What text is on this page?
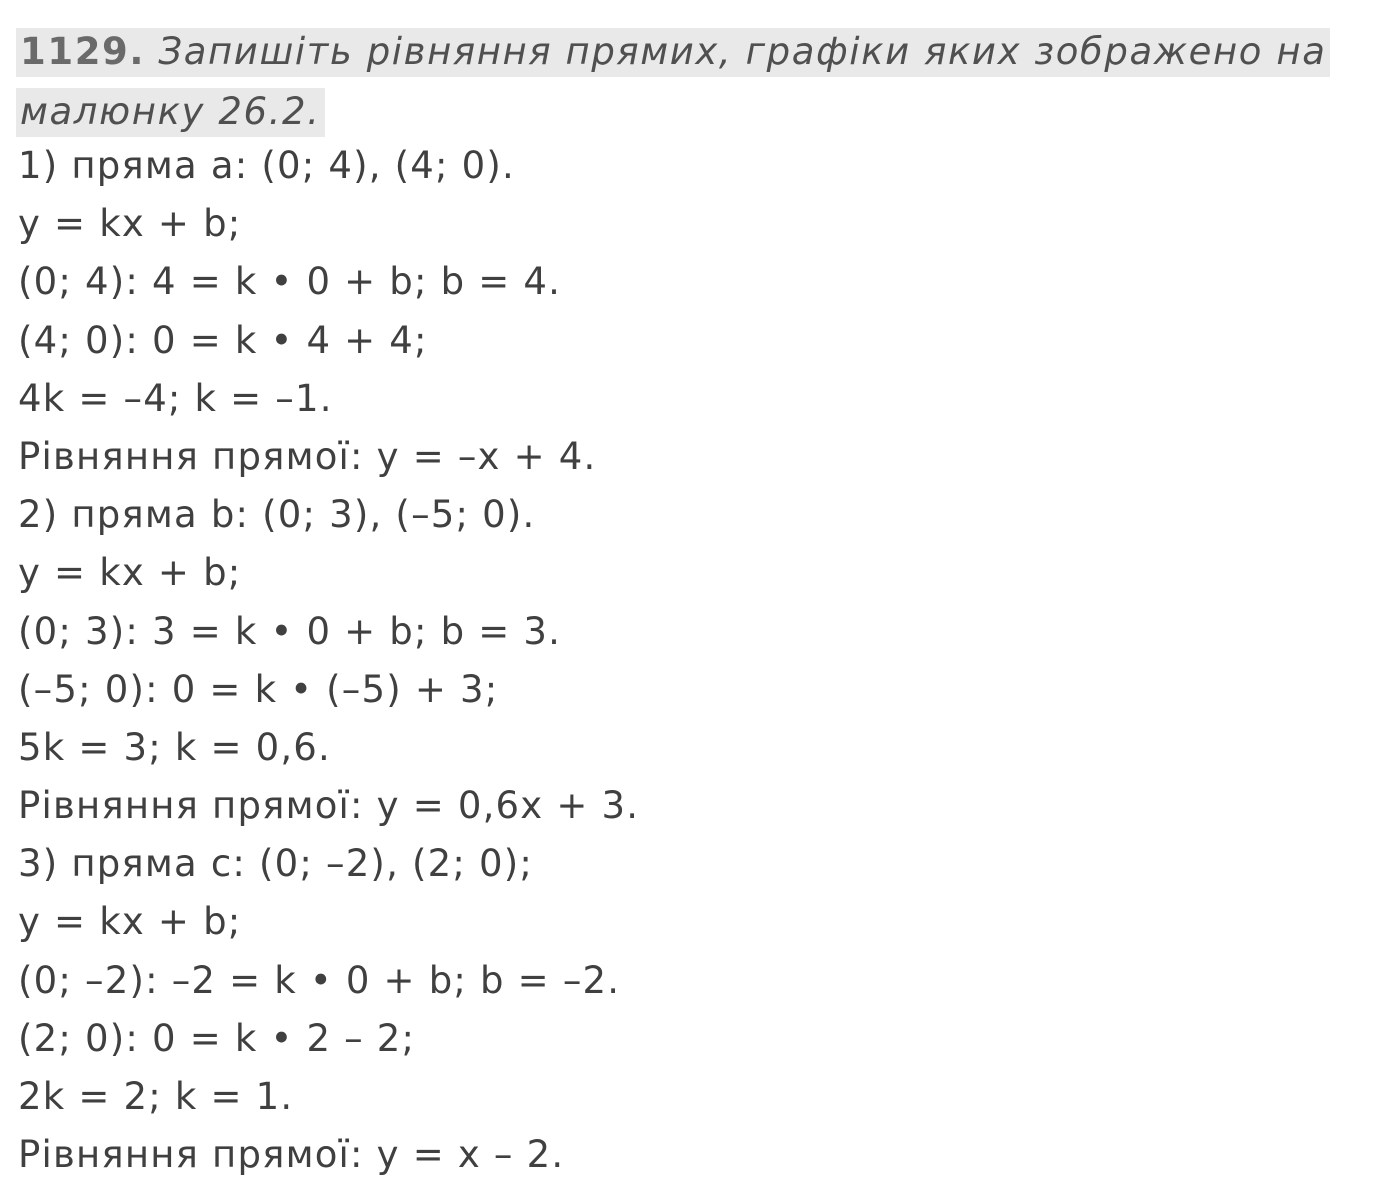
1129. Запишіть рівняння прямих, графіки яких зображено на малюнку 26.2.
1) пряма a: (0; 4), (4; 0).
y = kx + b;
(0; 4): 4 = k • 0 + b; b = 4.
(4; 0): 0 = k • 4 + 4;
4k = –4; k = –1.
Рівняння прямої: y = –x + 4.
2) пряма b: (0; 3), (–5; 0).
y = kx + b;
(0; 3): 3 = k • 0 + b; b = 3.
(–5; 0): 0 = k • (–5) + 3;
5k = 3; k = 0,6.
Рівняння прямої: y = 0,6x + 3.
3) пряма c: (0; –2), (2; 0);
y = kx + b;
(0; –2): –2 = k • 0 + b; b = –2.
(2; 0): 0 = k • 2 – 2;
2k = 2; k = 1.
Рівняння прямої: y = x – 2.
